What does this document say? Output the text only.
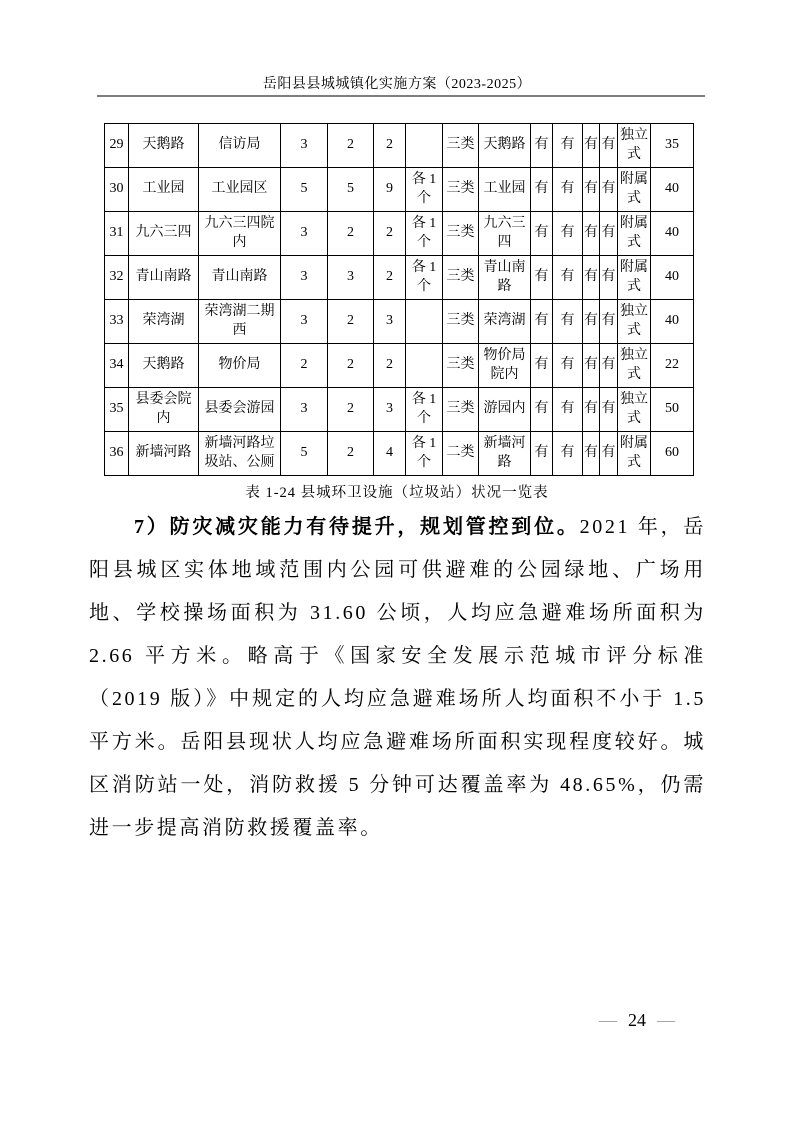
岳阳县县城城镇化实施方案（2023-2025）
29	天鹅路	信访局	3	2	2		三类	天鹅路	有	有	有	有	独立式	35
30	工业园	工业园区	5	5	9	各 1 个	三类	工业园	有	有	有	有	附属式	40
31	九六三四	九六三四院内	3	2	2	各 1 个	三类	九六三四	有	有	有	有	附属式	40
32	青山南路	青山南路	3	3	2	各 1 个	三类	青山南路	有	有	有	有	附属式	40
33	荣湾湖	荣湾湖二期西	3	2	3		三类	荣湾湖	有	有	有	有	独立式	40
34	天鹅路	物价局	2	2	2		三类	物价局院内	有	有	有	有	独立式	22
35	县委会院内	县委会游园	3	2	3	各 1 个	三类	游园内	有	有	有	有	独立式	50
36	新墙河路	新墙河路垃圾站、公厕	5	2	4	各 1 个	二类	新墙河路	有	有	有	有	附属式	60
表 1-24 县城环卫设施（垃圾站）状况一览表

7）防灾减灾能力有待提升，规划管控到位。2021 年，岳阳县城区实体地域范围内公园可供避难的公园绿地、广场用地、学校操场面积为 31.60 公顷，人均应急避难场所面积为 2.66 平方米。略高于《国家安全发展示范城市评分标准（2019 版）》中规定的人均应急避难场所人均面积不小于 1.5 平方米。岳阳县现状人均应急避难场所面积实现程度较好。城区消防站一处，消防救援 5 分钟可达覆盖率为 48.65%，仍需进一步提高消防救援覆盖率。

— 24 —
